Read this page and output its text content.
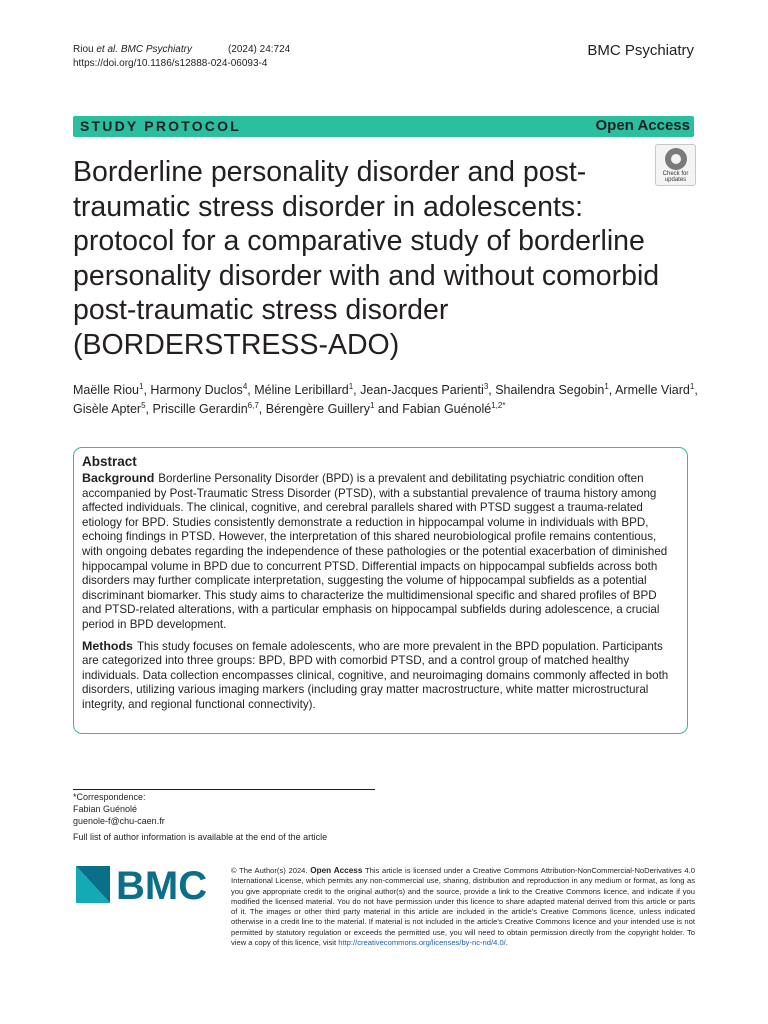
Riou et al. BMC Psychiatry	(2024) 24:724
https://doi.org/10.1186/s12888-024-06093-4
BMC Psychiatry
STUDY PROTOCOL	Open Access
Check for updates
Borderline personality disorder and post-traumatic stress disorder in adolescents: protocol for a comparative study of borderline personality disorder with and without comorbid post-traumatic stress disorder (BORDERSTRESS-ADO)
Maëlle Riou$^1$, Harmony Duclos$^4$, Méline Leribillard$^1$, Jean-Jacques Parienti$^3$, Shailendra Segobin$^1$, Armelle Viard$^1$, Gisèle Apter$^5$, Priscille Gerardin$^{6,7}$, Bérengère Guillery$^1$ and Fabian Guénolé$^{1,2*}$
Abstract

Background Borderline Personality Disorder (BPD) is a prevalent and debilitating psychiatric condition often accompanied by Post-Traumatic Stress Disorder (PTSD), with a substantial prevalence of trauma history among affected individuals. The clinical, cognitive, and cerebral parallels shared with PTSD suggest a trauma-related etiology for BPD. Studies consistently demonstrate a reduction in hippocampal volume in individuals with BPD, echoing findings in PTSD. However, the interpretation of this shared neurobiological profile remains contentious, with ongoing debates regarding the independence of these pathologies or the potential exacerbation of diminished hippocampal volume in BPD due to concurrent PTSD. Differential impacts on hippocampal subfields across both disorders may further complicate interpretation, suggesting the volume of hippocampal subfields as a potential discriminant biomarker. This study aims to characterize the multidimensional specific and shared profiles of BPD and PTSD-related alterations, with a particular emphasis on hippocampal subfields during adolescence, a crucial period in BPD development.

Methods This study focuses on female adolescents, who are more prevalent in the BPD population. Participants are categorized into three groups: BPD, BPD with comorbid PTSD, and a control group of matched healthy individuals. Data collection encompasses clinical, cognitive, and neuroimaging domains commonly affected in both disorders, utilizing various imaging markers (including gray matter macrostructure, white matter microstructural integrity, and regional functional connectivity).

*Correspondence:
Fabian Guénolé
guenole-f@chu-caen.fr
Full list of author information is available at the end of the article
BMC	© The Author(s) 2024. Open Access This article is licensed under a Creative Commons Attribution-NonCommercial-NoDerivatives 4.0 International License, which permits any non-commercial use, sharing, distribution and reproduction in any medium or format, as long as you give appropriate credit to the original author(s) and the source, provide a link to the Creative Commons licence, and indicate if you modified the licensed material. You do not have permission under this licence to share adapted material derived from this article or parts of it. The images or other third party material in this article are included in the article's Creative Commons licence, unless indicated otherwise in a credit line to the material. If material is not included in the article's Creative Commons licence and your intended use is not permitted by statutory regulation or exceeds the permitted use, you will need to obtain permission directly from the copyright holder. To view a copy of this licence, visit http://creativecommons.org/licenses/by-nc-nd/4.0/.
